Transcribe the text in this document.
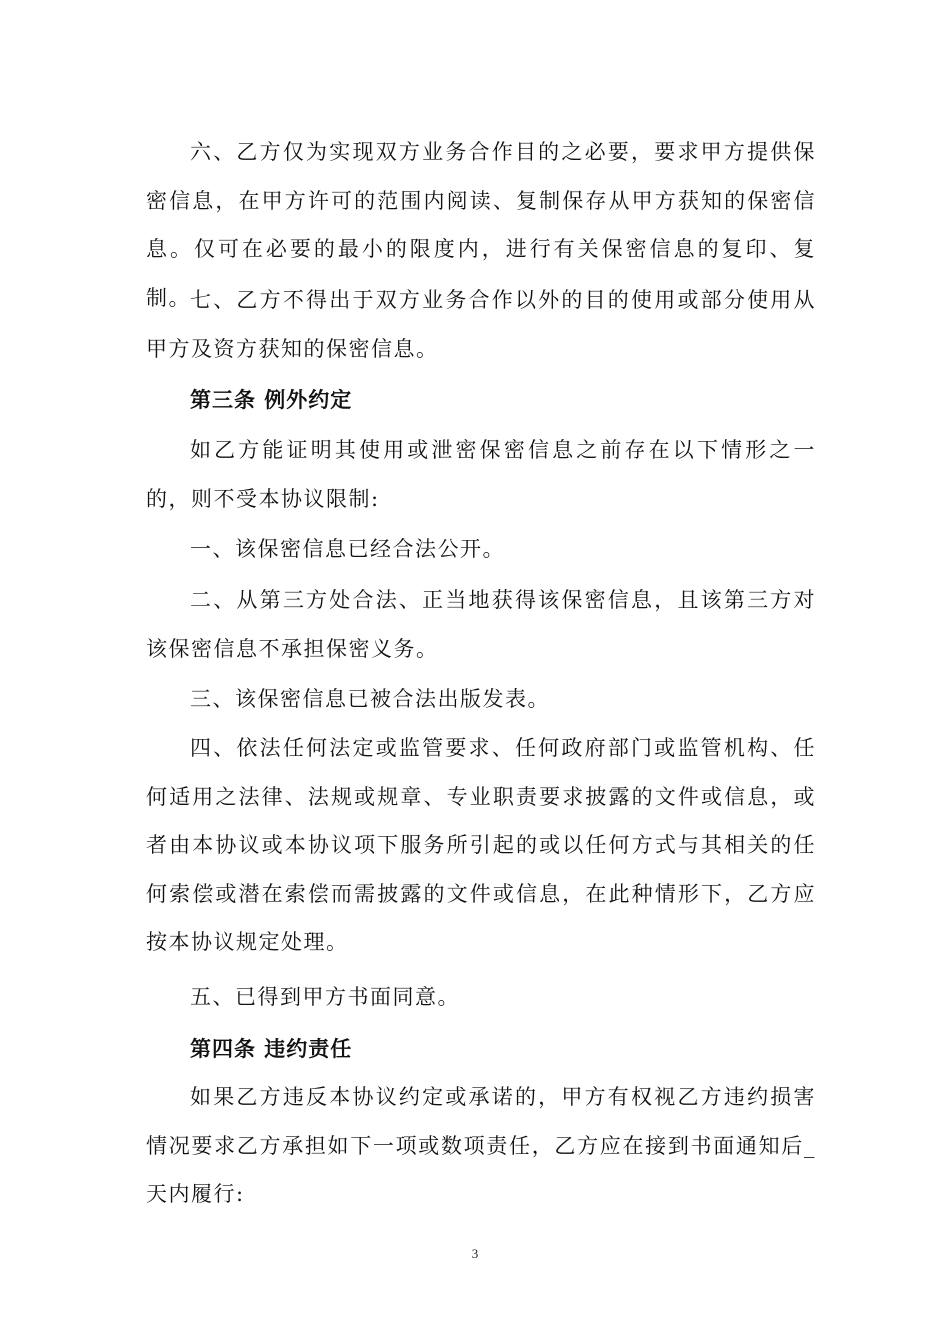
六、乙方仅为实现双方业务合作目的之必要，要求甲方提供保密信息，在甲方许可的范围内阅读、复制保存从甲方获知的保密信息。仅可在必要的最小的限度内，进行有关保密信息的复印、复制。 七、乙方不得出于双方业务合作以外的目的使用或部分使用从甲方及资方获知的保密信息。

第三条 例外约定

如乙方能证明其使用或泄密保密信息之前存在以下情形之一的，则不受本协议限制:

一、该保密信息已经合法公开。

二、从第三方处合法、正当地获得该保密信息，且该第三方对该保密信息不承担保密义务。

三、该保密信息已被合法出版发表。

四、依法任何法定或监管要求、任何政府部门或监管机构、任何适用之法律、法规或规章、专业职责要求披露的文件或信息，或者由本协议或本协议项下服务所引起的或以任何方式与其相关的任何索偿或潜在索偿而需披露的文件或信息，在此种情形下，乙方应按本协议规定处理。

五、已得到甲方书面同意。

第四条 违约责任

如果乙方违反本协议约定或承诺的，甲方有权视乙方违约损害情况要求乙方承担如下一项或数项责任，乙方应在接到书面通知后_天内履行:

3
